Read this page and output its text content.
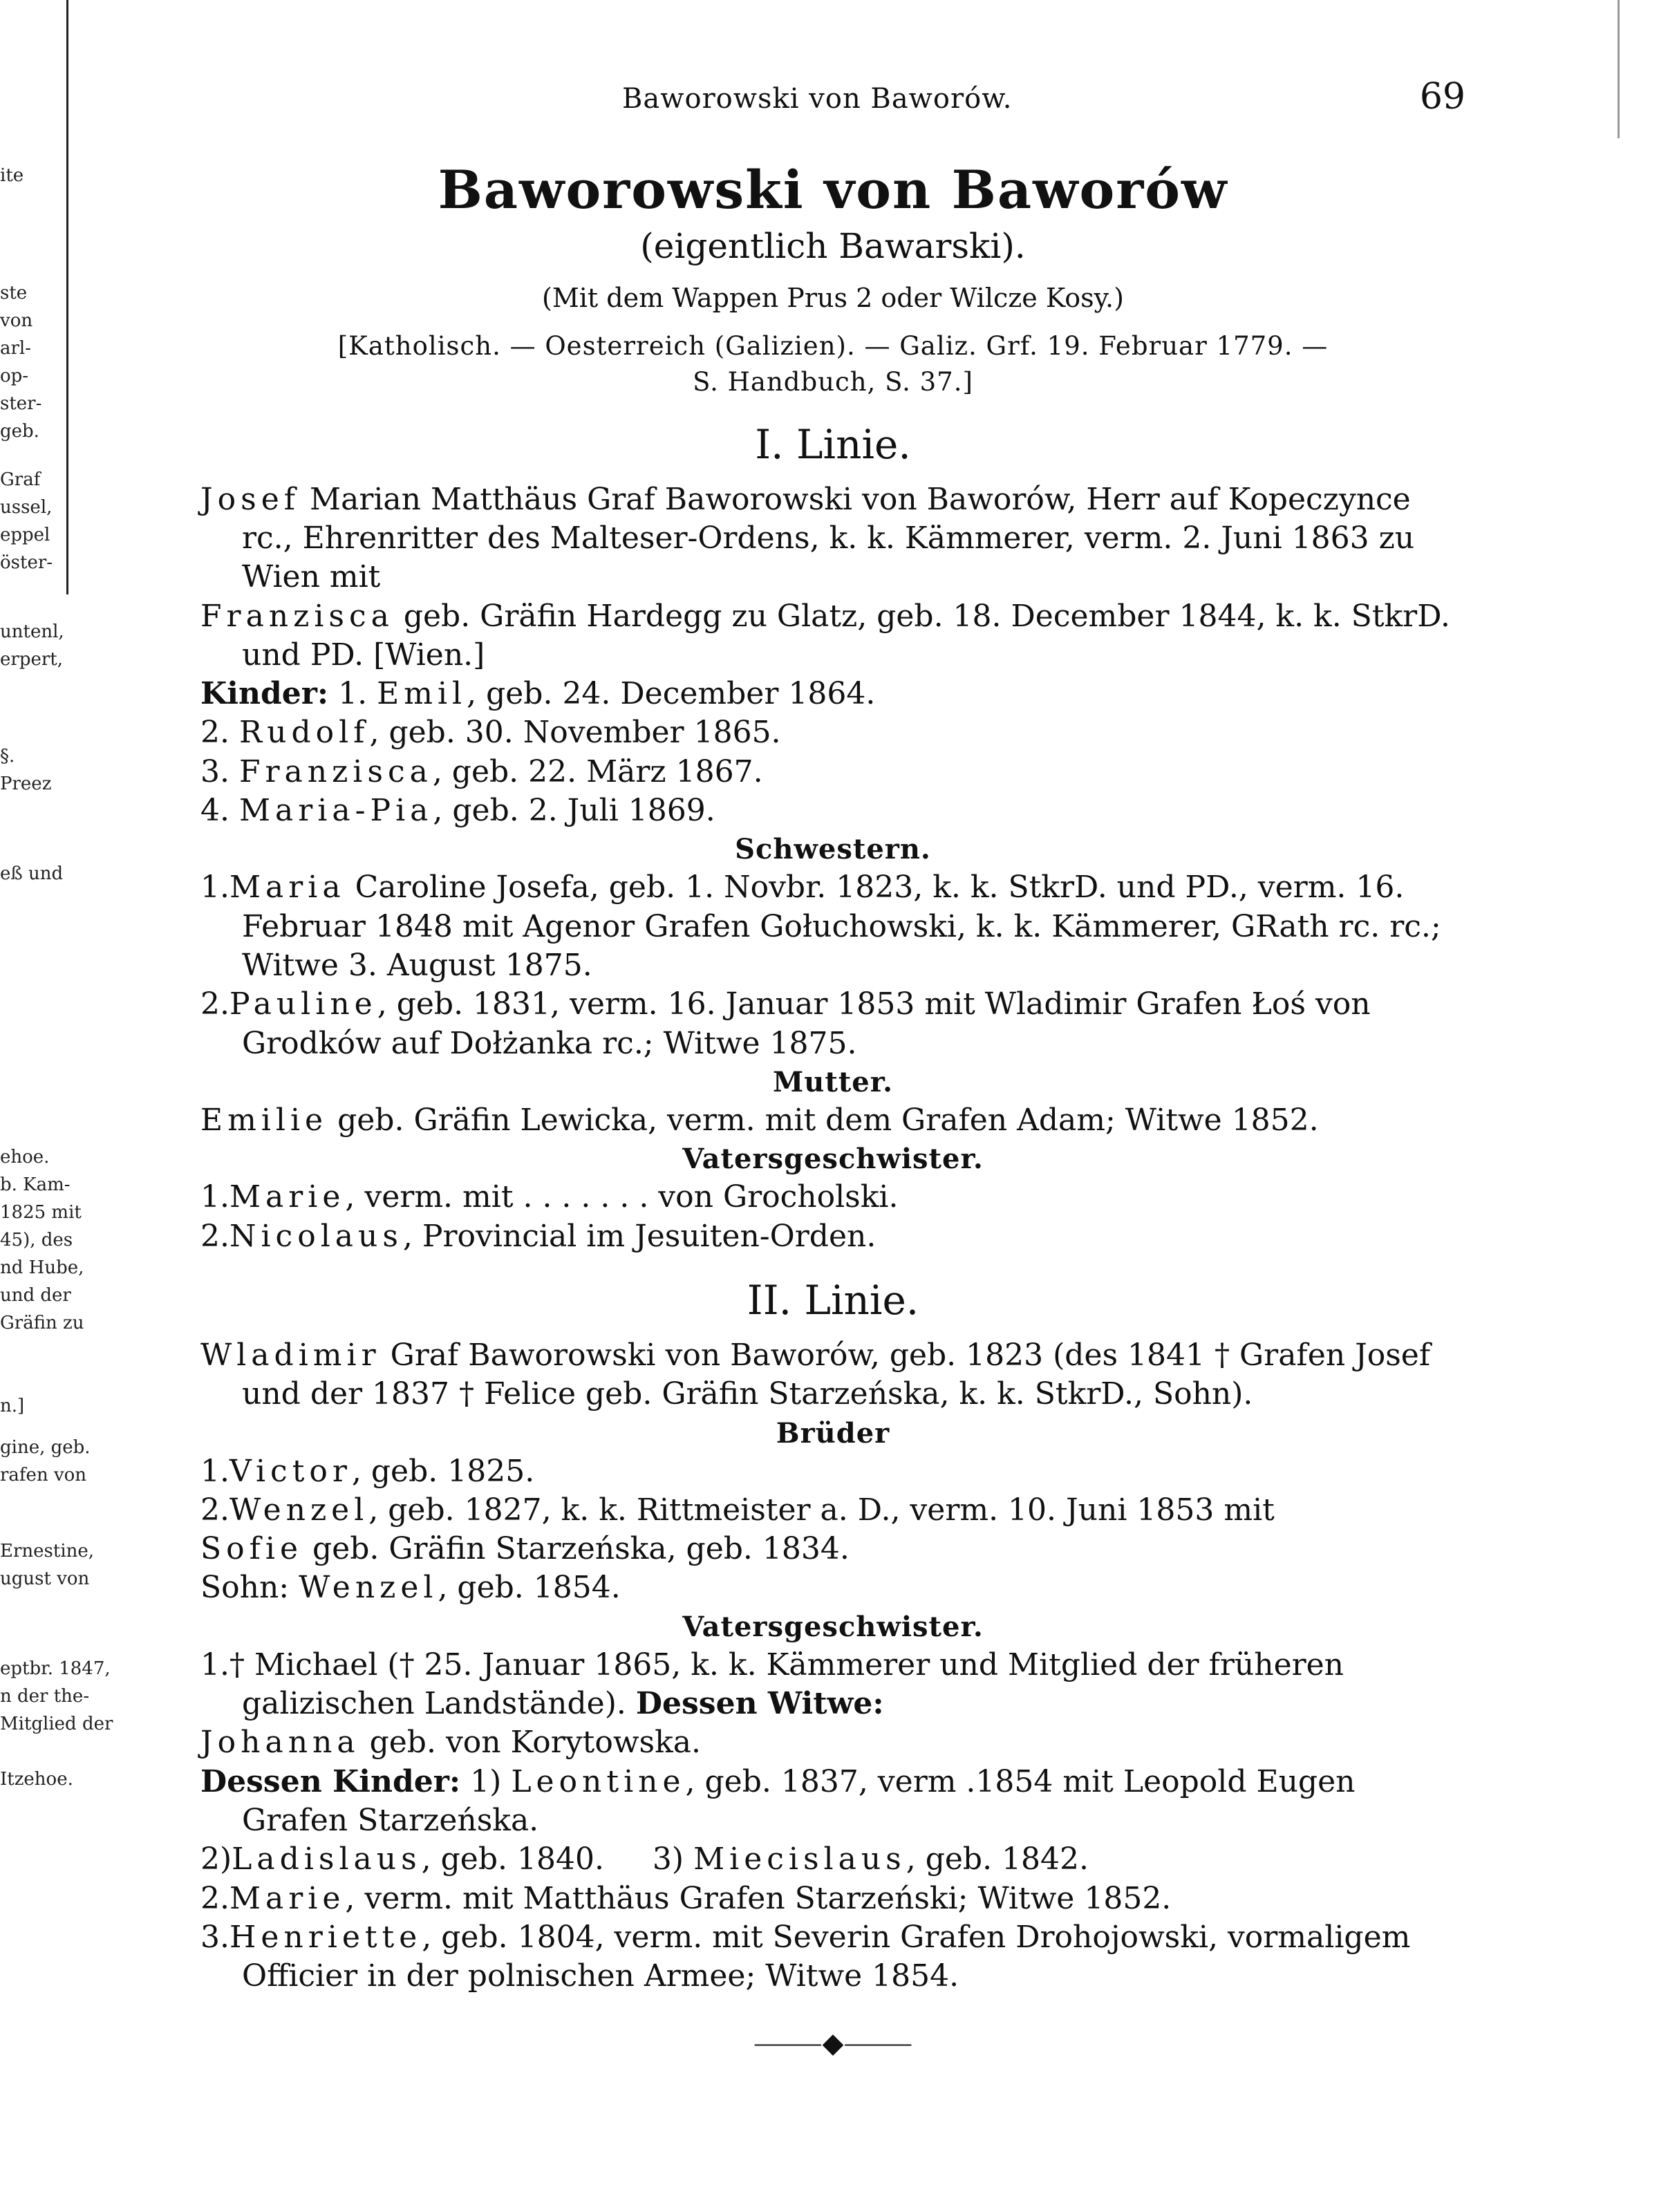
ite
ste
von
arl-
op-
ster-
geb.
Graf
ussel,
eppel
öster-
untenl,
erpert,
§.
Preez
eß und
ehoe.
b. Kam-
1825 mit
45), des
nd Hube,
und der
Gräfin zu
n.]
gine, geb.
rafen von
Ernestine,
ugust von
eptbr. 1847,
n der the-
Mitglied der
Itzehoe.
Baworowski von Baworów.	69
Baworowski von Baworów
(eigentlich Bawarski).
(Mit dem Wappen Prus 2 oder Wilcze Kosy.)
[Katholisch. — Oesterreich (Galizien). — Galiz. Grf. 19. Februar 1779. —
S. Handbuch, S. 37.]
I. Linie.
Josef Marian Matthäus Graf Baworowski von Baworów, Herr auf Kopeczynce rc., Ehrenritter des Malteser-Ordens, k. k. Kämmerer, verm. 2. Juni 1863 zu Wien mit
Franzisca geb. Gräfin Hardegg zu Glatz, geb. 18. December 1844, k. k. StkrD. und PD. [Wien.]
Kinder: 1. Emil, geb. 24. December 1864.
2. Rudolf, geb. 30. November 1865.
3. Franzisca, geb. 22. März 1867.
4. Maria-Pia, geb. 2. Juli 1869.
Schwestern.
1.Maria Caroline Josefa, geb. 1. Novbr. 1823, k. k. StkrD. und PD., verm. 16. Februar 1848 mit Agenor Grafen Gołuchowski, k. k. Kämmerer, GRath rc. rc.; Witwe 3. August 1875.
2.Pauline, geb. 1831, verm. 16. Januar 1853 mit Wladimir Grafen Łoś von Grodków auf Dołżanka rc.; Witwe 1875.
Mutter.
Emilie geb. Gräfin Lewicka, verm. mit dem Grafen Adam; Witwe 1852.
Vatersgeschwister.
1.Marie, verm. mit . . . . . . . von Grocholski.
2.Nicolaus, Provincial im Jesuiten-Orden.
II. Linie.
Wladimir Graf Baworowski von Baworów, geb. 1823 (des 1841 † Grafen Josef und der 1837 † Felice geb. Gräfin Starzeńska, k. k. StkrD., Sohn).
Brüder
1.Victor, geb. 1825.
2.Wenzel, geb. 1827, k. k. Rittmeister a. D., verm. 10. Juni 1853 mit
Sofie geb. Gräfin Starzeńska, geb. 1834.
Sohn: Wenzel, geb. 1854.
Vatersgeschwister.
1.† Michael († 25. Januar 1865, k. k. Kämmerer und Mitglied der früheren galizischen Landstände). Dessen Witwe:
Johanna geb. von Korytowska.
Dessen Kinder: 1) Leontine, geb. 1837, verm .1854 mit Leopold Eugen Grafen Starzeńska.
2)Ladislaus, geb. 1840. 3) Miecislaus, geb. 1842.
2.Marie, verm. mit Matthäus Grafen Starzeński; Witwe 1852.
3.Henriette, geb. 1804, verm. mit Severin Grafen Drohojowski, vormaligem Officier in der polnischen Armee; Witwe 1854.
⸻◆⸻
